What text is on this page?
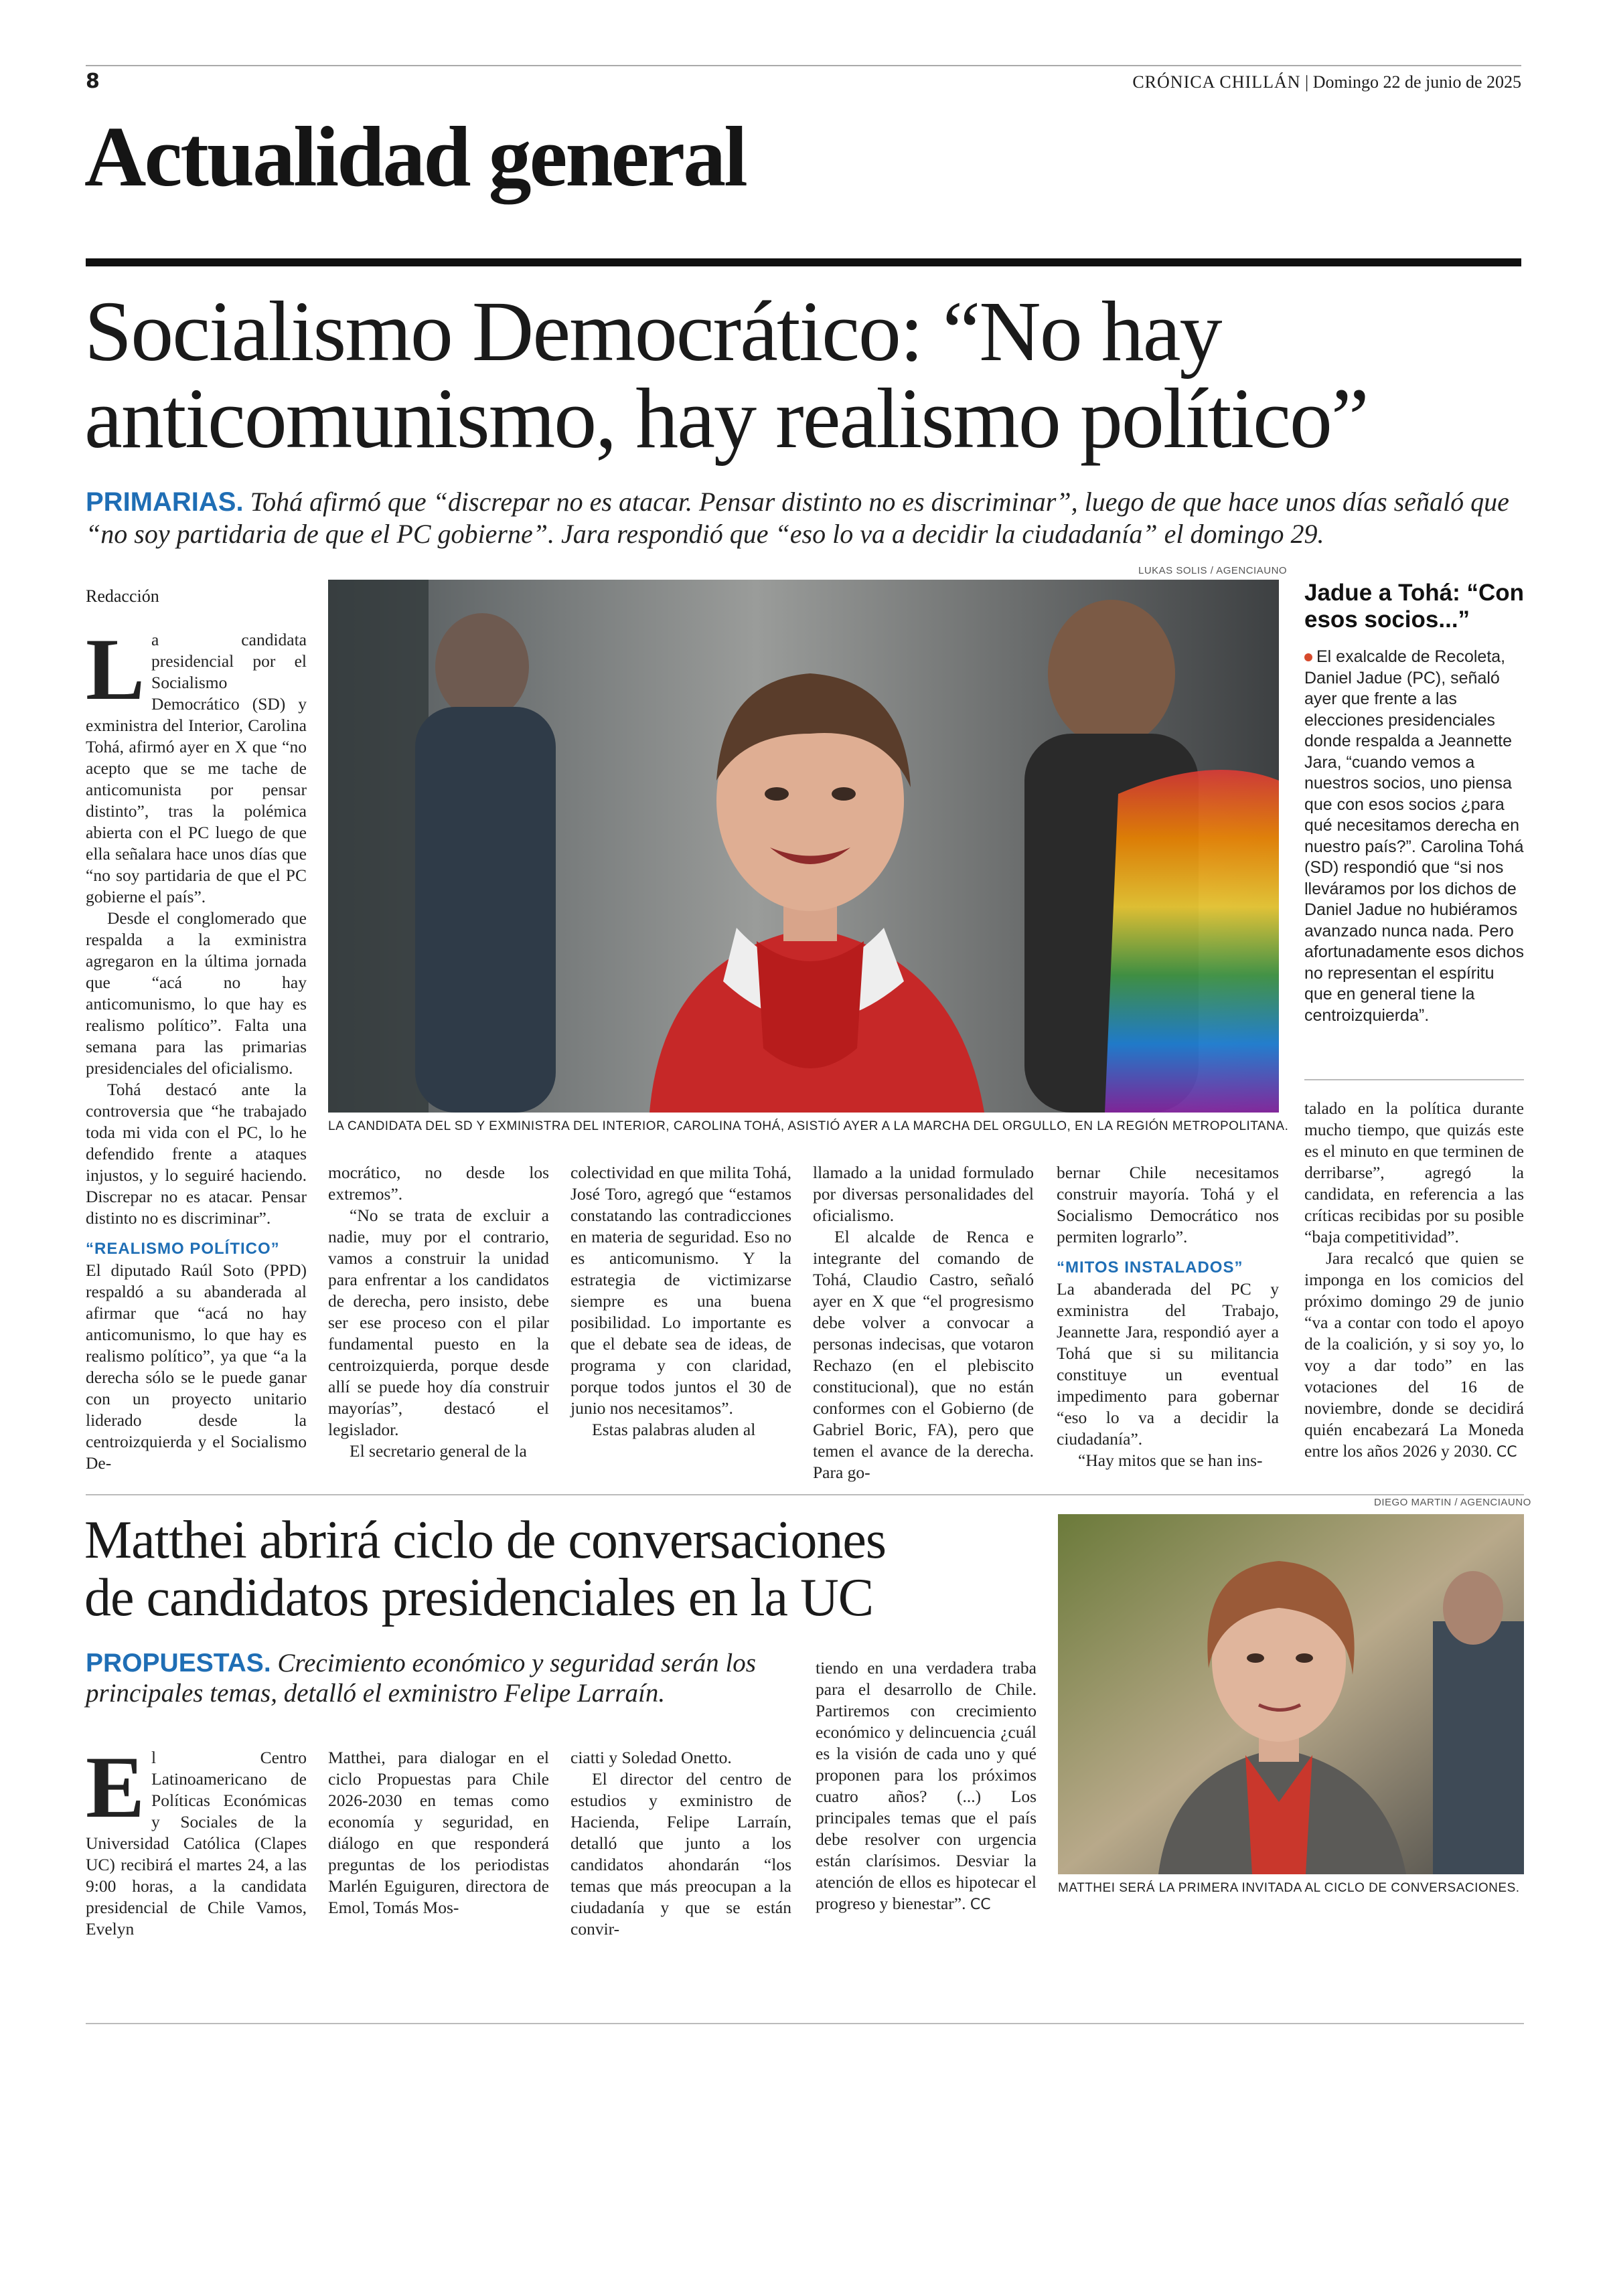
8	CRÓNICA CHILLÁN | Domingo 22 de junio de 2025
Actualidad general
Socialismo Democrático: “No hay
anticomunismo, hay realismo político”
PRIMARIAS. Tohá afirmó que “discrepar no es atacar. Pensar distinto no es discriminar”, luego de que hace unos días señaló que “no soy partidaria de que el PC gobierne”. Jara respondió que “eso lo va a decidir la ciudadanía” el domingo 29.
Redacción
LUKAS SOLIS / AGENCIAUNO
LA CANDIDATA DEL SD Y EXMINISTRA DEL INTERIOR, CAROLINA TOHÁ, ASISTIÓ AYER A LA MARCHA DEL ORGULLO, EN LA REGIÓN METROPOLITANA.
L a candidata presidencial por el Socialismo Democrático (SD) y exministra del Interior, Carolina Tohá, afirmó ayer en X que “no acepto que se me tache de anticomunista por pensar distinto”, tras la polémica abierta con el PC luego de que ella señalara hace unos días que “no soy partidaria de que el PC gobierne el país”.

Desde el conglomerado que respalda a la exministra agregaron en la última jornada que “acá no hay anticomunismo, lo que hay es realismo político”. Falta una semana para las primarias presidenciales del oficialismo.

Tohá destacó ante la controversia que “he trabajado toda mi vida con el PC, lo he defendido frente a ataques injustos, y lo seguiré haciendo. Discrepar no es atacar. Pensar distinto no es discriminar”.

“REALISMO POLÍTICO”

El diputado Raúl Soto (PPD) respaldó a su abanderada al afirmar que “acá no hay anticomunismo, lo que hay es realismo político”, ya que “a la derecha sólo se le puede ganar con un proyecto unitario liderado desde la centroizquierda y el Socialismo De-

mocrático, no desde los extremos”.

“No se trata de excluir a nadie, muy por el contrario, vamos a construir la unidad para enfrentar a los candidatos de derecha, pero insisto, debe ser ese proceso con el pilar fundamental puesto en la centroizquierda, porque desde allí se puede hoy día construir mayorías”, destacó el legislador.

El secretario general de la

colectividad en que milita Tohá, José Toro, agregó que “estamos constatando las contradicciones en materia de seguridad. Eso no es anticomunismo. Y la estrategia de victimizarse siempre es una buena posibilidad. Lo importante es que el debate sea de ideas, de programa y con claridad, porque todos juntos el 30 de junio nos necesitamos”.

Estas palabras aluden al

llamado a la unidad formulado por diversas personalidades del oficialismo.

El alcalde de Renca e integrante del comando de Tohá, Claudio Castro, señaló ayer en X que “el progresismo debe volver a convocar a personas indecisas, que votaron Rechazo (en el plebiscito constitucional), que no están conformes con el Gobierno (de Gabriel Boric, FA), pero que temen el avance de la derecha. Para go-

bernar Chile necesitamos construir mayoría. Tohá y el Socialismo Democrático nos permiten lograrlo”.

“MITOS INSTALADOS”

La abanderada del PC y exministra del Trabajo, Jeannette Jara, respondió ayer a Tohá que si su militancia constituye un eventual impedimento para gobernar “eso lo va a decidir la ciudadanía”.

“Hay mitos que se han ins-

talado en la política durante mucho tiempo, que quizás este es el minuto en que terminen de derribarse”, agregó la candidata, en referencia a las críticas recibidas por su posible “baja competitividad”.

Jara recalcó que quien se imponga en los comicios del próximo domingo 29 de junio “va a contar con todo el apoyo de la coalición, y si soy yo, lo voy a dar todo” en las votaciones del 16 de noviembre, donde se decidirá quién encabezará La Moneda entre los años 2026 y 2030. CC

Jadue a Tohá: “Con esos socios...”
El exalcalde de Recoleta, Daniel Jadue (PC), señaló ayer que frente a las elecciones presidenciales donde respalda a Jeannette Jara, “cuando vemos a nuestros socios, uno piensa que con esos socios ¿para qué necesitamos derecha en nuestro país?”. Carolina Tohá (SD) respondió que “si nos lleváramos por los dichos de Daniel Jadue no hubiéramos avanzado nunca nada. Pero afortunadamente esos dichos no representan el espíritu que en general tiene la centroizquierda”.
Matthei abrirá ciclo de conversaciones
de candidatos presidenciales en la UC
PROPUESTAS. Crecimiento económico y seguridad serán los principales temas, detalló el exministro Felipe Larraín.
E l Centro Latinoamericano de Políticas Económicas y Sociales de la Universidad Católica (Clapes UC) recibirá el martes 24, a las 9:00 horas, a la candidata presidencial de Chile Vamos, Evelyn

Matthei, para dialogar en el ciclo Propuestas para Chile 2026-2030 en temas como economía y seguridad, en diálogo en que responderá preguntas de los periodistas Marlén Eguiguren, directora de Emol, Tomás Mos-

ciatti y Soledad Onetto.

El director del centro de estudios y exministro de Hacienda, Felipe Larraín, detalló que junto a los candidatos ahondarán “los temas que más preocupan a la ciudadanía y que se están convir-

tiendo en una verdadera traba para el desarrollo de Chile. Partiremos con crecimiento económico y delincuencia ¿cuál es la visión de cada uno y qué proponen para los próximos cuatro años? (...) Los principales temas que el país debe resolver con urgencia están clarísimos. Desviar la atención de ellos es hipotecar el progreso y bienestar”. CC

DIEGO MARTIN / AGENCIAUNO
MATTHEI SERÁ LA PRIMERA INVITADA AL CICLO DE CONVERSACIONES.
